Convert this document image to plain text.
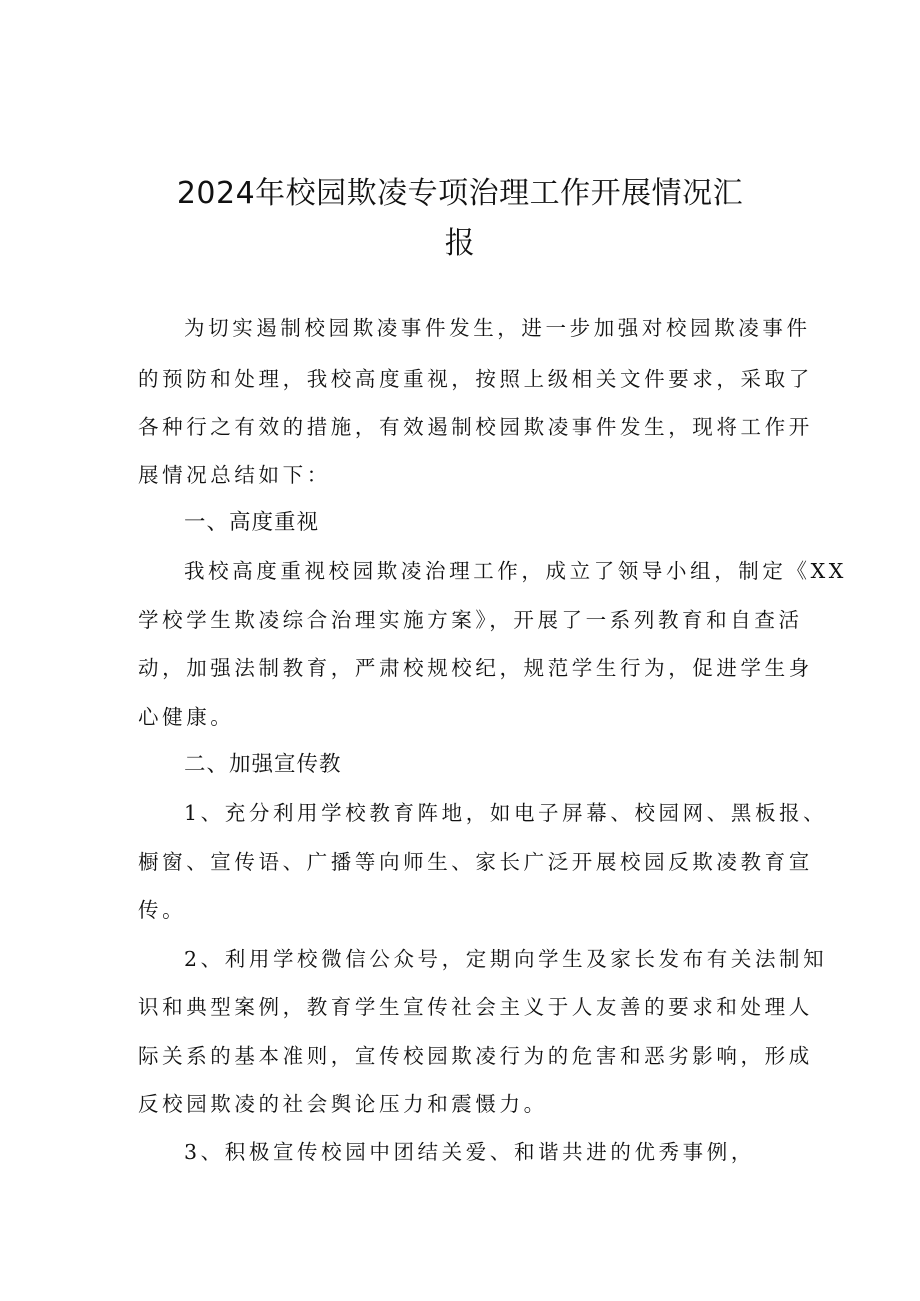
2024年校园欺凌专项治理工作开展情况汇
报
为切实遏制校园欺凌事件发生，进一步加强对校园欺凌事件
的预防和处理，我校高度重视，按照上级相关文件要求，采取了
各种行之有效的措施，有效遏制校园欺凌事件发生，现将工作开
展情况总结如下：
一、高度重视
我校高度重视校园欺凌治理工作，成立了领导小组，制定《XX
学校学生欺凌综合治理实施方案》，开展了一系列教育和自查活
动，加强法制教育，严肃校规校纪，规范学生行为，促进学生身
心健康。
二、加强宣传教
1、充分利用学校教育阵地，如电子屏幕、校园网、黑板报、
橱窗、宣传语、广播等向师生、家长广泛开展校园反欺凌教育宣
传。
2、利用学校微信公众号，定期向学生及家长发布有关法制知
识和典型案例，教育学生宣传社会主义于人友善的要求和处理人
际关系的基本准则，宣传校园欺凌行为的危害和恶劣影响，形成
反校园欺凌的社会舆论压力和震慑力。
3、积极宣传校园中团结关爱、和谐共进的优秀事例，
